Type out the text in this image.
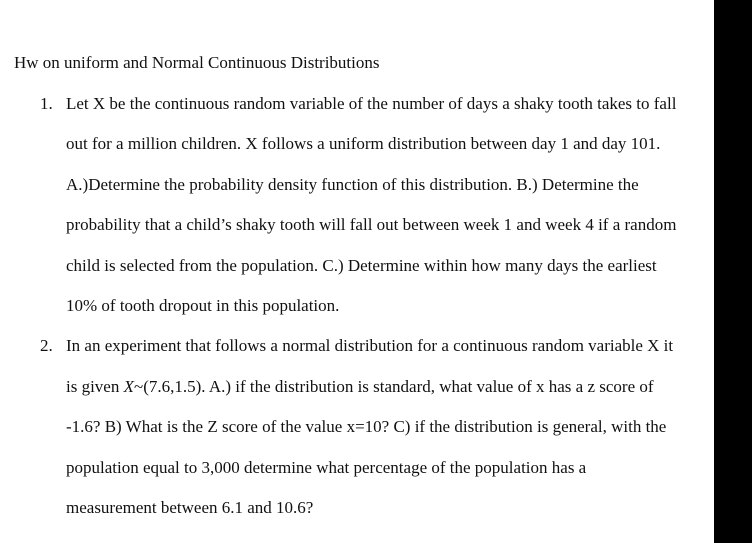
Hw on uniform and Normal Continuous Distributions
1. Let X be the continuous random variable of the number of days a shaky tooth takes to fall
out for a million children. X follows a uniform distribution between day 1 and day 101.
A.)Determine the probability density function of this distribution. B.) Determine the
probability that a child’s shaky tooth will fall out between week 1 and week 4 if a random
child is selected from the population. C.) Determine within how many days the earliest
10% of tooth dropout in this population.
2. In an experiment that follows a normal distribution for a continuous random variable X it
is given X~(7.6,1.5). A.) if the distribution is standard, what value of x has a z score of
-1.6? B) What is the Z score of the value x=10? C) if the distribution is general, with the
population equal to 3,000 determine what percentage of the population has a
measurement between 6.1 and 10.6?
